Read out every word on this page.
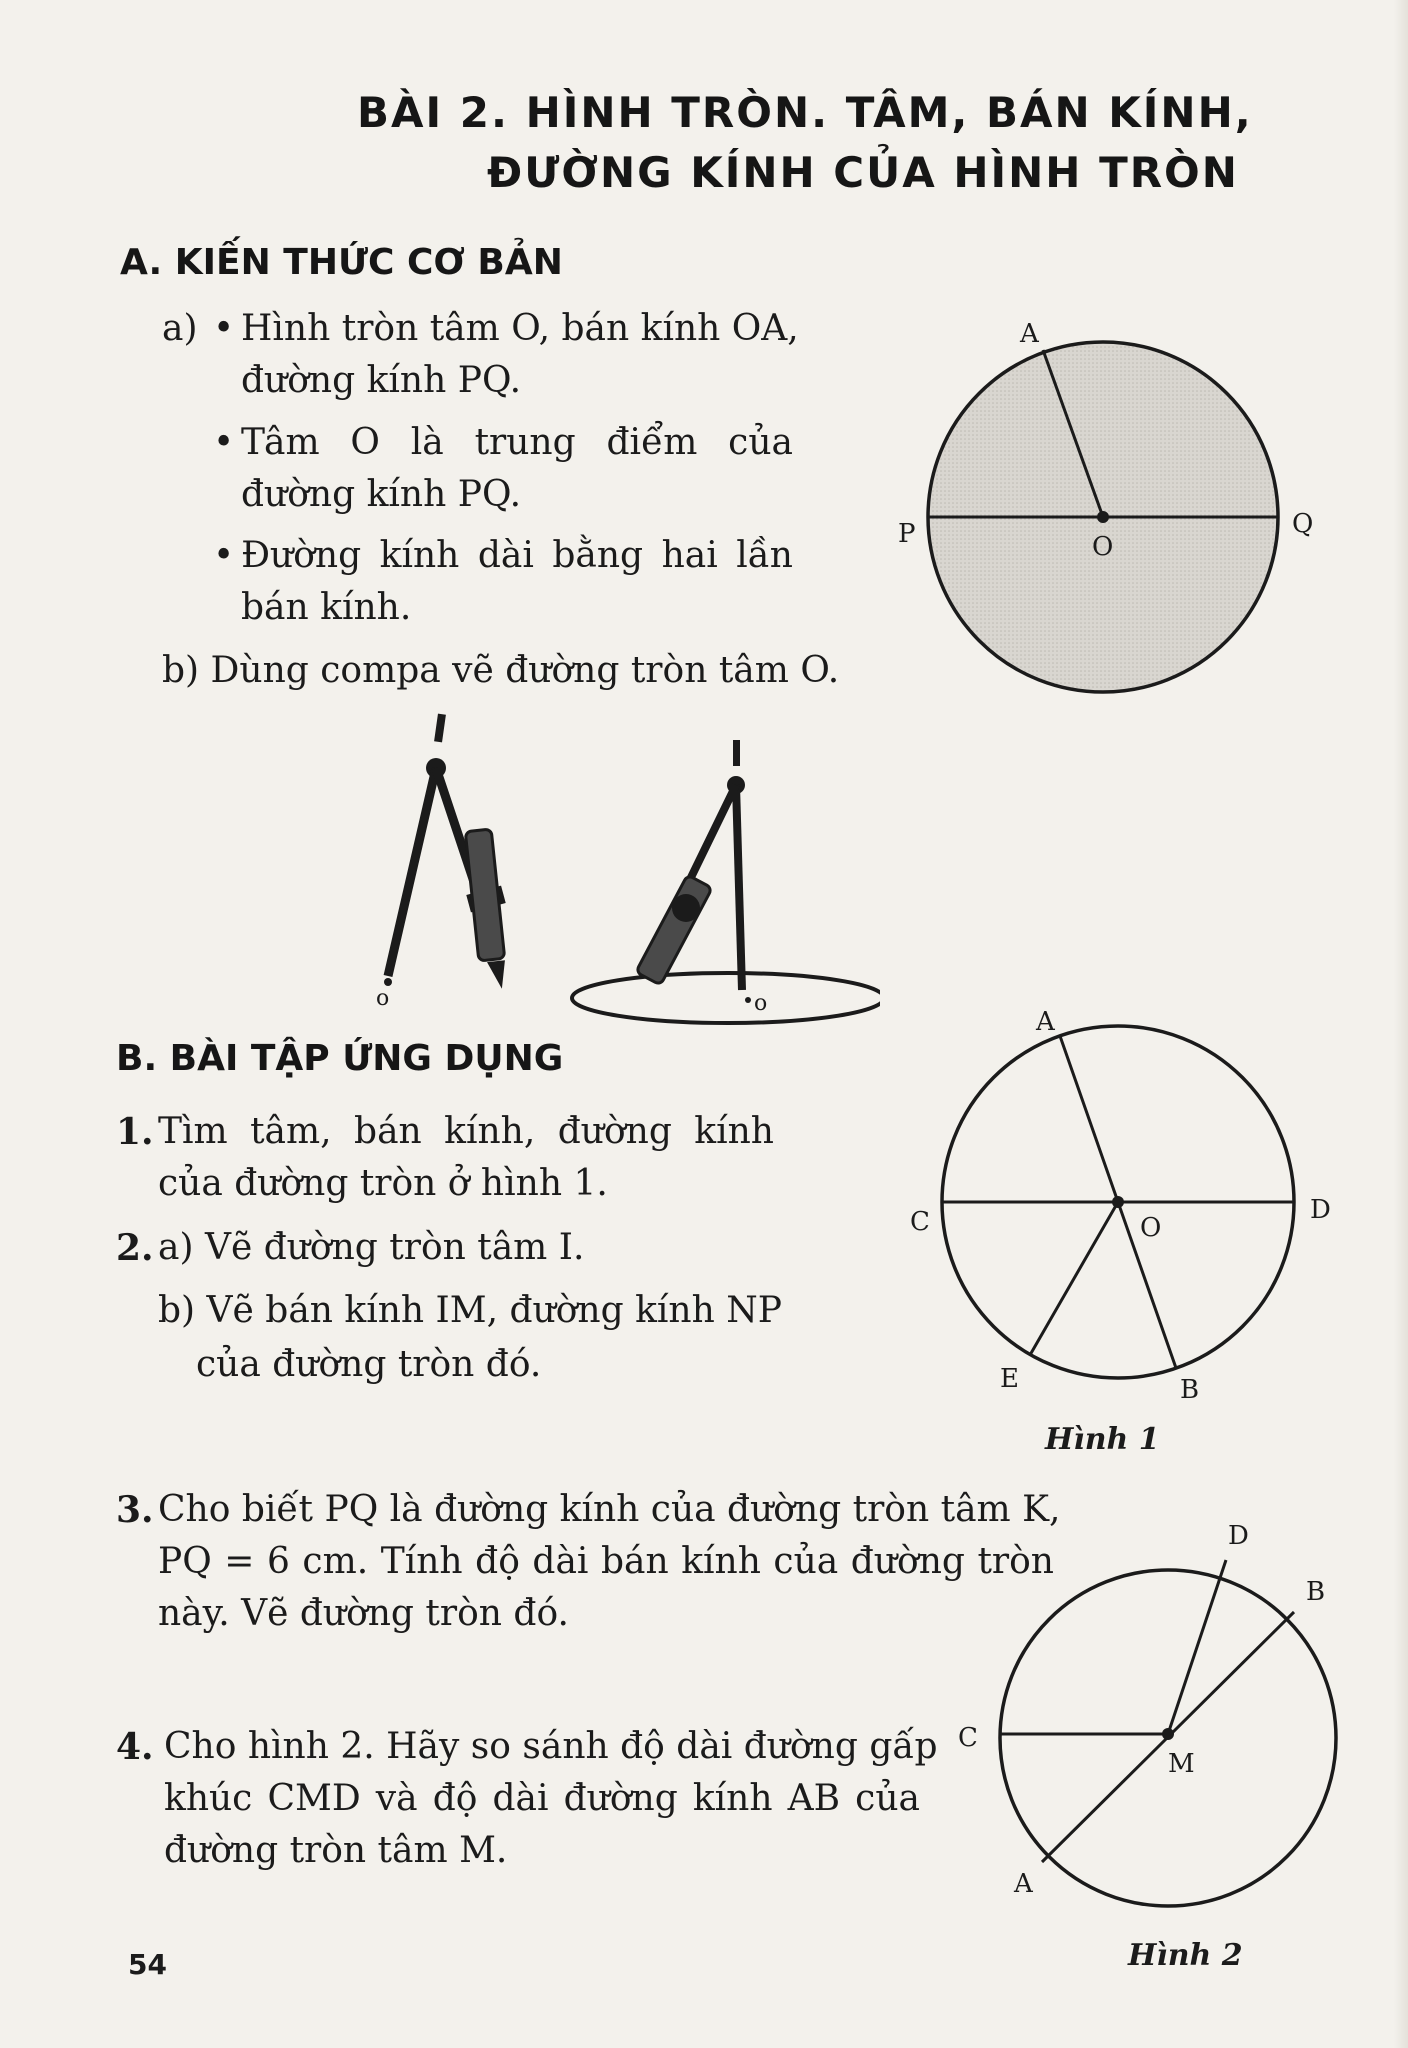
BÀI 2. HÌNH TRÒN. TÂM, BÁN KÍNH,
ĐƯỜNG KÍNH CỦA HÌNH TRÒN
A. KIẾN THỨC CƠ BẢN
a) • Hình tròn tâm O, bán kính OA,
đường kính PQ.
• Tâm O là trung điểm của
đường kính PQ.
• Đường kính dài bằng hai lần
bán kính.
b) Dùng compa vẽ đường tròn tâm O.
A
P	O
Q
o	o
B. BÀI TẬP ỨNG DỤNG
1. Tìm tâm, bán kính, đường kính
của đường tròn ở hình 1.
2. a) Vẽ đường tròn tâm I.
b) Vẽ bán kính IM, đường kính NP
của đường tròn đó.
A
C	O
D
E	B
Hình 1
3. Cho biết PQ là đường kính của đường tròn tâm K,
PQ = 6 cm. Tính độ dài bán kính của đường tròn
này. Vẽ đường tròn đó.
4. Cho hình 2. Hãy so sánh độ dài đường gấp
khúc CMD và độ dài đường kính AB của
đường tròn tâm M.
D
B
C
M
A
Hình 2
54
